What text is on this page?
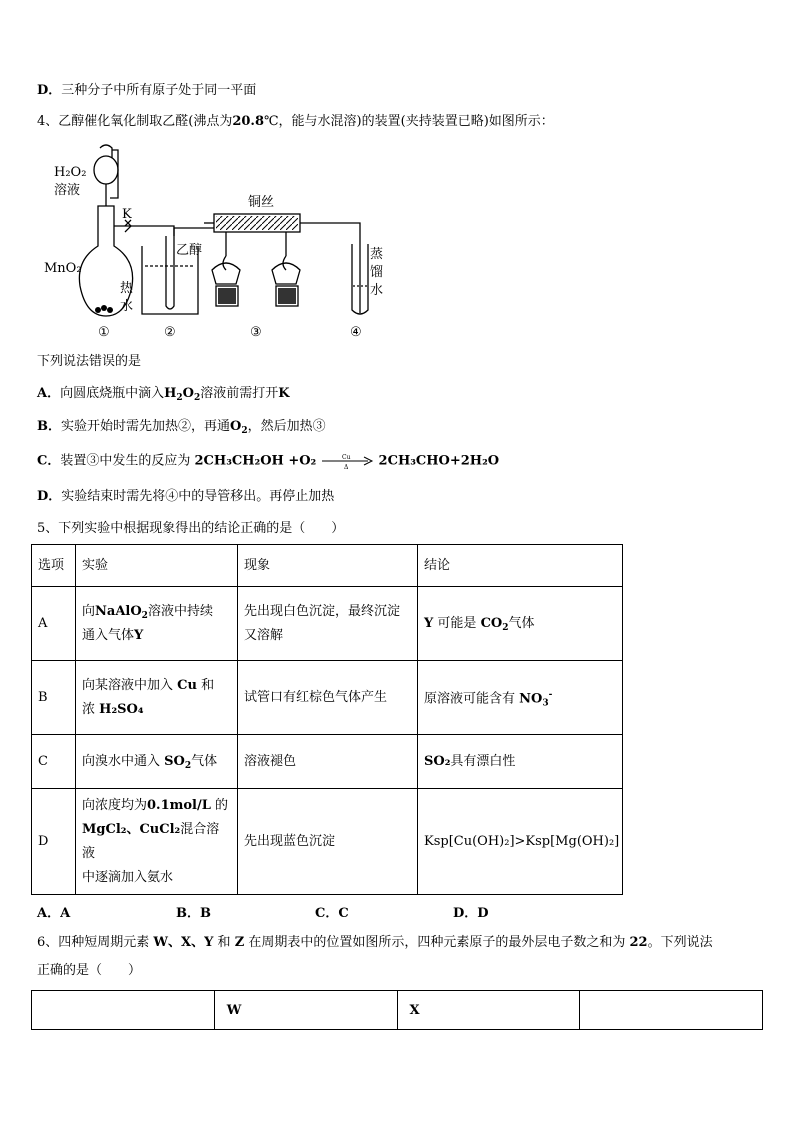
D．三种分子中所有原子处于同一平面
4、乙醇催化氧化制取乙醛(沸点为20.8℃，能与水混溶)的装置(夹持装置已略)如图所示：
H₂O₂
溶液
K
MnO₂
热
水
乙醇
铜丝
蒸
馏
水
①	②	③	④
下列说法错误的是
A．向圆底烧瓶中滴入$H_2O_2$溶液前需打开K
B．实验开始时需先加热②，再通$O_2$，然后加热③
C．装置③中发生的反应为 2CH₃CH₂OH +O₂	Cu
Δ 2CH₃CHO+2H₂O
D．实验结束时需先将④中的导管移出。再停止加热
5、下列实验中根据现象得出的结论正确的是（　　）
选项	实验	现象	结论
A	向NaAlO$_2$溶液中持续
通入气体Y	先出现白色沉淀，最终沉淀
又溶解	Y 可能是 $CO_2$气体
B	向某溶液中加入 Cu 和
浓 H₂SO₄	试管口有红棕色气体产生	原溶液可能含有 $NO_3^-$
C	向溴水中通入 $SO_2$气体	溶液褪色	SO₂具有漂白性
D	向浓度均为0.1mol/L 的
MgCl₂、CuCl₂混合溶液
中逐滴加入氨水	先出现蓝色沉淀	Ksp[Cu(OH)₂]>Ksp[Mg(OH)₂]
A．A	B．B	C．C	D．D
6、四种短周期元素 W、X、Y 和 Z 在周期表中的位置如图所示，四种元素原子的最外层电子数之和为 22。下列说法
正确的是（　　）
	W	X	
